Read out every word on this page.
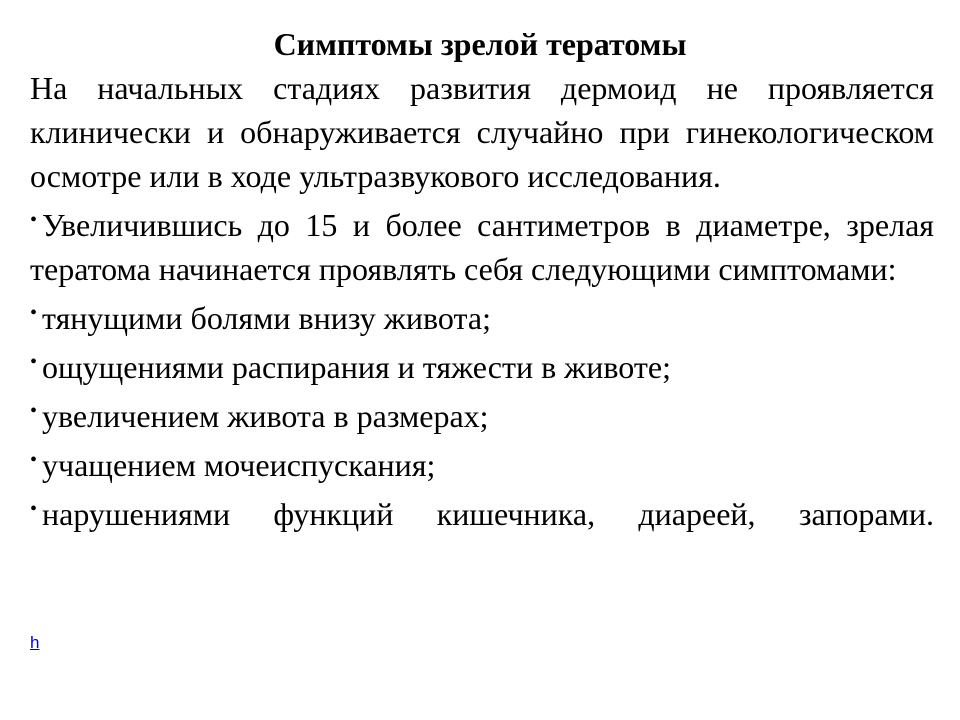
Симптомы зрелой тератомы

На начальных стадиях развития дермоид не проявляется клинически и обнаруживается случайно при гинекологическом осмотре или в ходе ультразвукового исследования.

• Увеличившись до 15 и более сантиметров в диаметре, зрелая тератома начинается проявлять себя следующими симптомами:

• тянущими болями внизу живота;

• ощущениями распирания и тяжести в животе;

• увеличением живота в размерах;

• учащением мочеиспускания;

• нарушениями функций кишечника, диареей, запорами.

h
